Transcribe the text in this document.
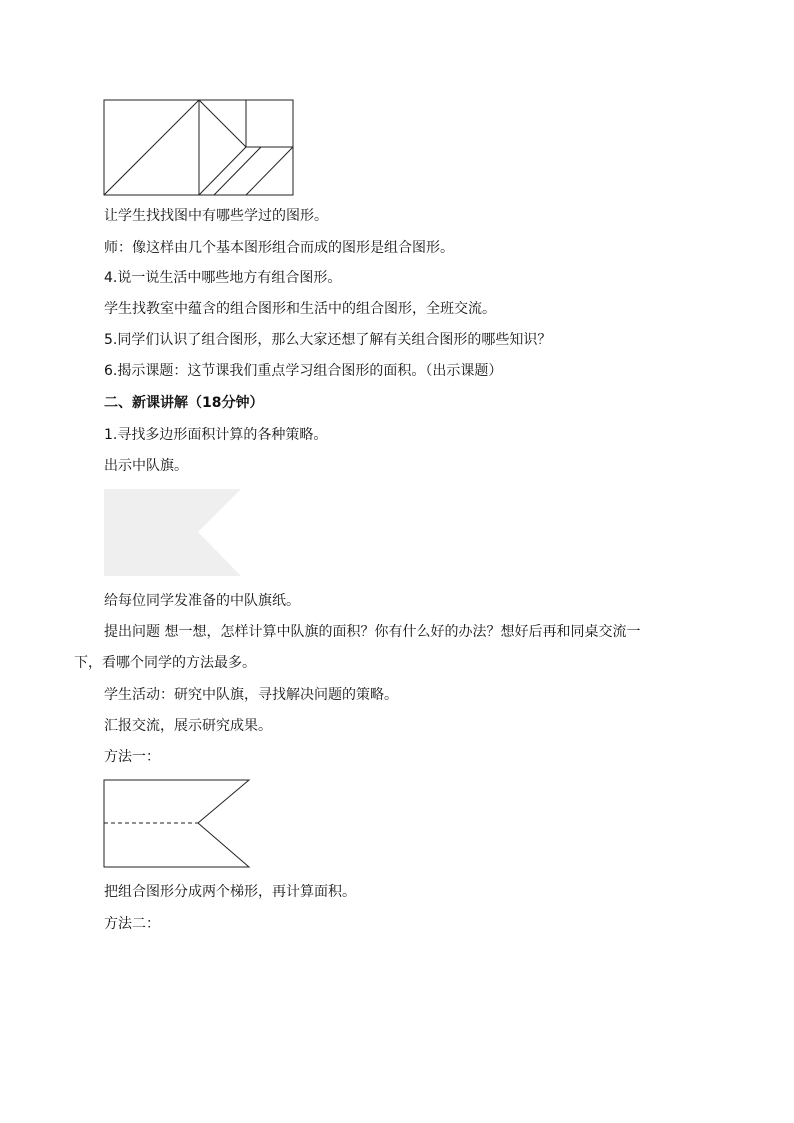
让学生找找图中有哪些学过的图形。
师：像这样由几个基本图形组合而成的图形是组合图形。
4.说一说生活中哪些地方有组合图形。
学生找教室中蕴含的组合图形和生活中的组合图形，全班交流。
5.同学们认识了组合图形，那么大家还想了解有关组合图形的哪些知识？
6.揭示课题：这节课我们重点学习组合图形的面积。（出示课题）
二、新课讲解（18分钟）
1.寻找多边形面积计算的各种策略。
出示中队旗。
给每位同学发准备的中队旗纸。
提出问题 想一想，怎样计算中队旗的面积？你有什么好的办法？想好后再和同桌交流一
下，看哪个同学的方法最多。
学生活动：研究中队旗，寻找解决问题的策略。
汇报交流，展示研究成果。
方法一：
把组合图形分成两个梯形，再计算面积。
方法二：
